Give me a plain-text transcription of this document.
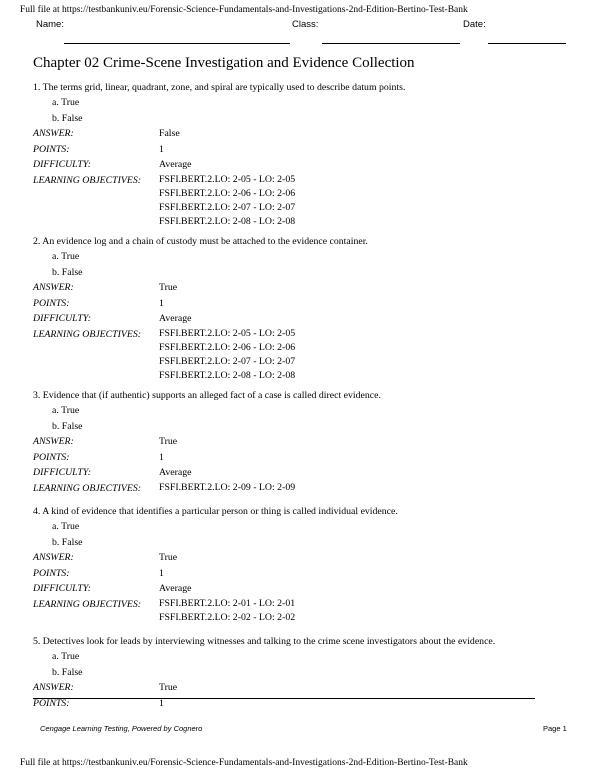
Full file at https://testbankuniv.eu/Forensic-Science-Fundamentals-and-Investigations-2nd-Edition-Bertino-Test-Bank
Name:	Class:	Date:
Chapter 02 Crime-Scene Investigation and Evidence Collection
1. The terms grid, linear, quadrant, zone, and spiral are typically used to describe datum points.
a. True
b. False
ANSWER:	False
POINTS:	1
DIFFICULTY:	Average
LEARNING OBJECTIVES:	FSFI.BERT.2.LO: 2-05 - LO: 2-05
FSFI.BERT.2.LO: 2-06 - LO: 2-06
FSFI.BERT.2.LO: 2-07 - LO: 2-07
FSFI.BERT.2.LO: 2-08 - LO: 2-08
2. An evidence log and a chain of custody must be attached to the evidence container.
a. True
b. False
ANSWER:	True
POINTS:	1
DIFFICULTY:	Average
LEARNING OBJECTIVES:	FSFI.BERT.2.LO: 2-05 - LO: 2-05
FSFI.BERT.2.LO: 2-06 - LO: 2-06
FSFI.BERT.2.LO: 2-07 - LO: 2-07
FSFI.BERT.2.LO: 2-08 - LO: 2-08
3. Evidence that (if authentic) supports an alleged fact of a case is called direct evidence.
a. True
b. False
ANSWER:	True
POINTS:	1
DIFFICULTY:	Average
LEARNING OBJECTIVES:	FSFI.BERT.2.LO: 2-09 - LO: 2-09
4. A kind of evidence that identifies a particular person or thing is called individual evidence.
a. True
b. False
ANSWER:	True
POINTS:	1
DIFFICULTY:	Average
LEARNING OBJECTIVES:	FSFI.BERT.2.LO: 2-01 - LO: 2-01
FSFI.BERT.2.LO: 2-02 - LO: 2-02
5. Detectives look for leads by interviewing witnesses and talking to the crime scene investigators about the evidence.
a. True
b. False
ANSWER:	True
POINTS:	1
Cengage Learning Testing, Powered by Cognero	Page 1
Full file at https://testbankuniv.eu/Forensic-Science-Fundamentals-and-Investigations-2nd-Edition-Bertino-Test-Bank
